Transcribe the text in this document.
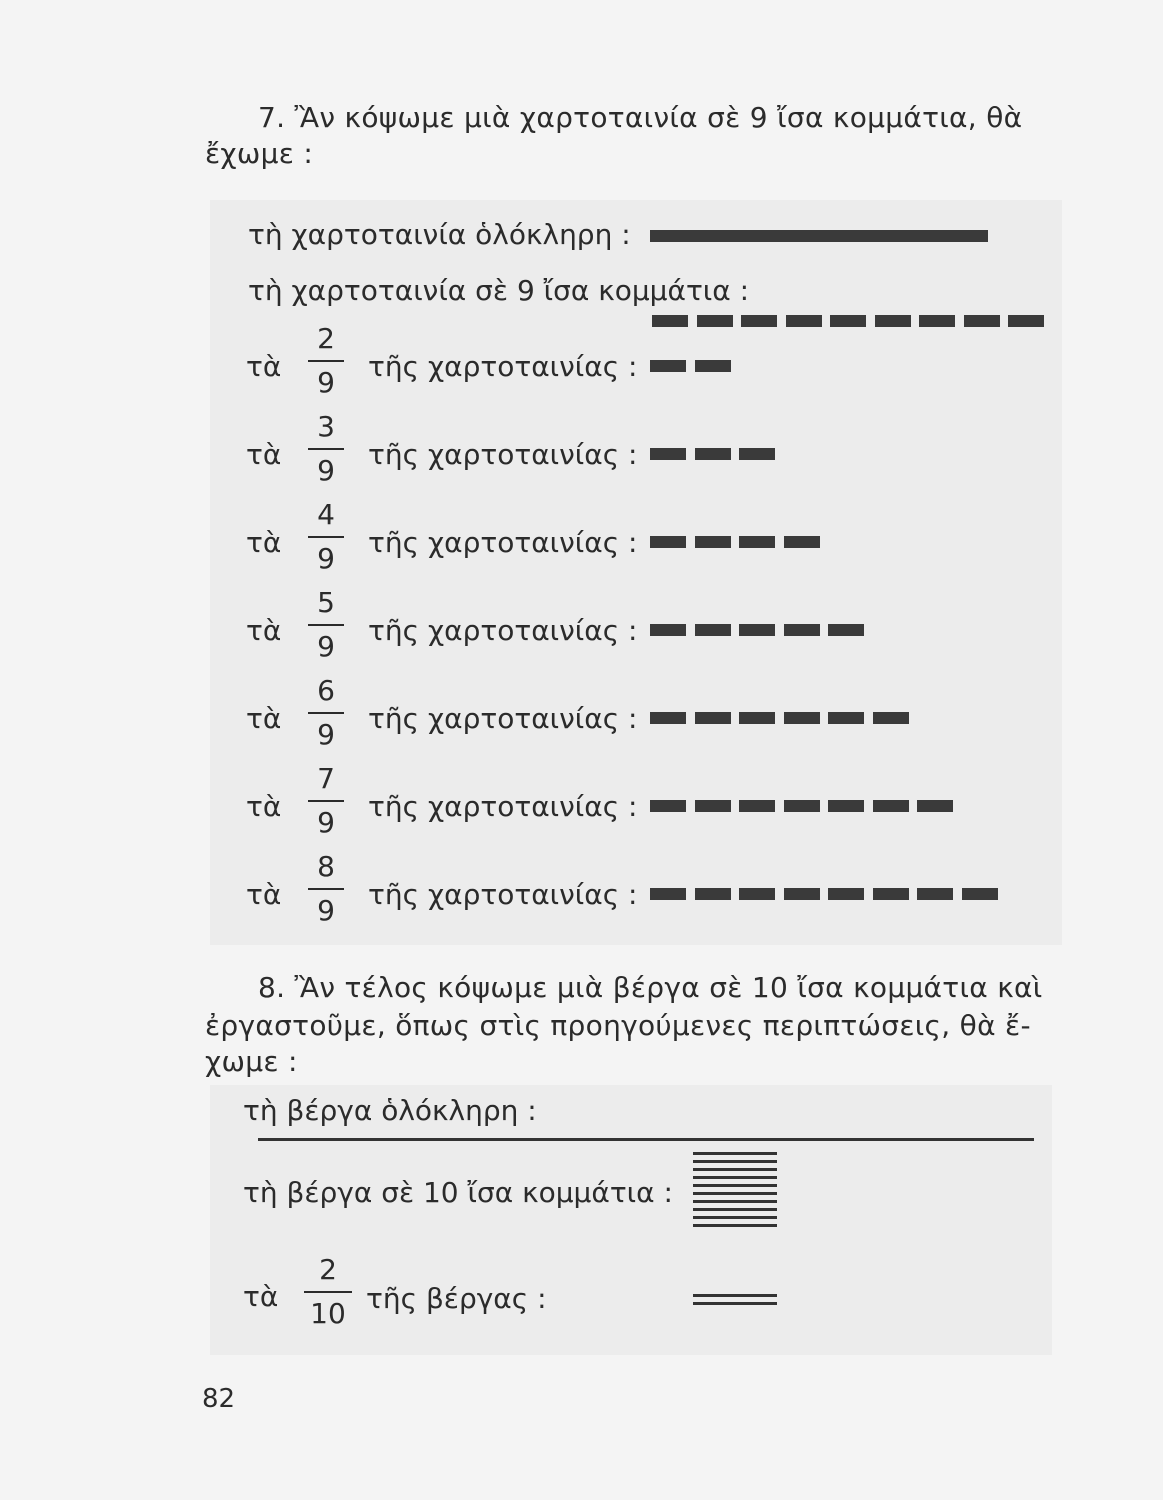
7. Ἂν κόψωμε μιὰ χαρτοταινία σὲ 9 ἴσα κομμάτια, θὰ
ἔχωμε :
τὴ χαρτοταινία ὁλόκληρη :
τὴ χαρτοταινία σὲ 9 ἴσα κομμάτια :
τὰ
2
9	τῆς χαρτοταινίας :
τὰ
3
9	τῆς χαρτοταινίας :
τὰ
4
9	τῆς χαρτοταινίας :
τὰ
5
9	τῆς χαρτοταινίας :
τὰ
6
9	τῆς χαρτοταινίας :
τὰ
7
9	τῆς χαρτοταινίας :
τὰ
8
9	τῆς χαρτοταινίας :
8. Ἂν τέλος κόψωμε μιὰ βέργα σὲ 10 ἴσα κομμάτια καὶ
ἐργαστοῦμε, ὅπως στὶς προηγούμενες περιπτώσεις, θὰ ἔ-
χωμε :
τὴ βέργα ὁλόκληρη :
τὴ βέργα σὲ 10 ἴσα κομμάτια :
τὰ
2
10 τῆς βέργας :
82
